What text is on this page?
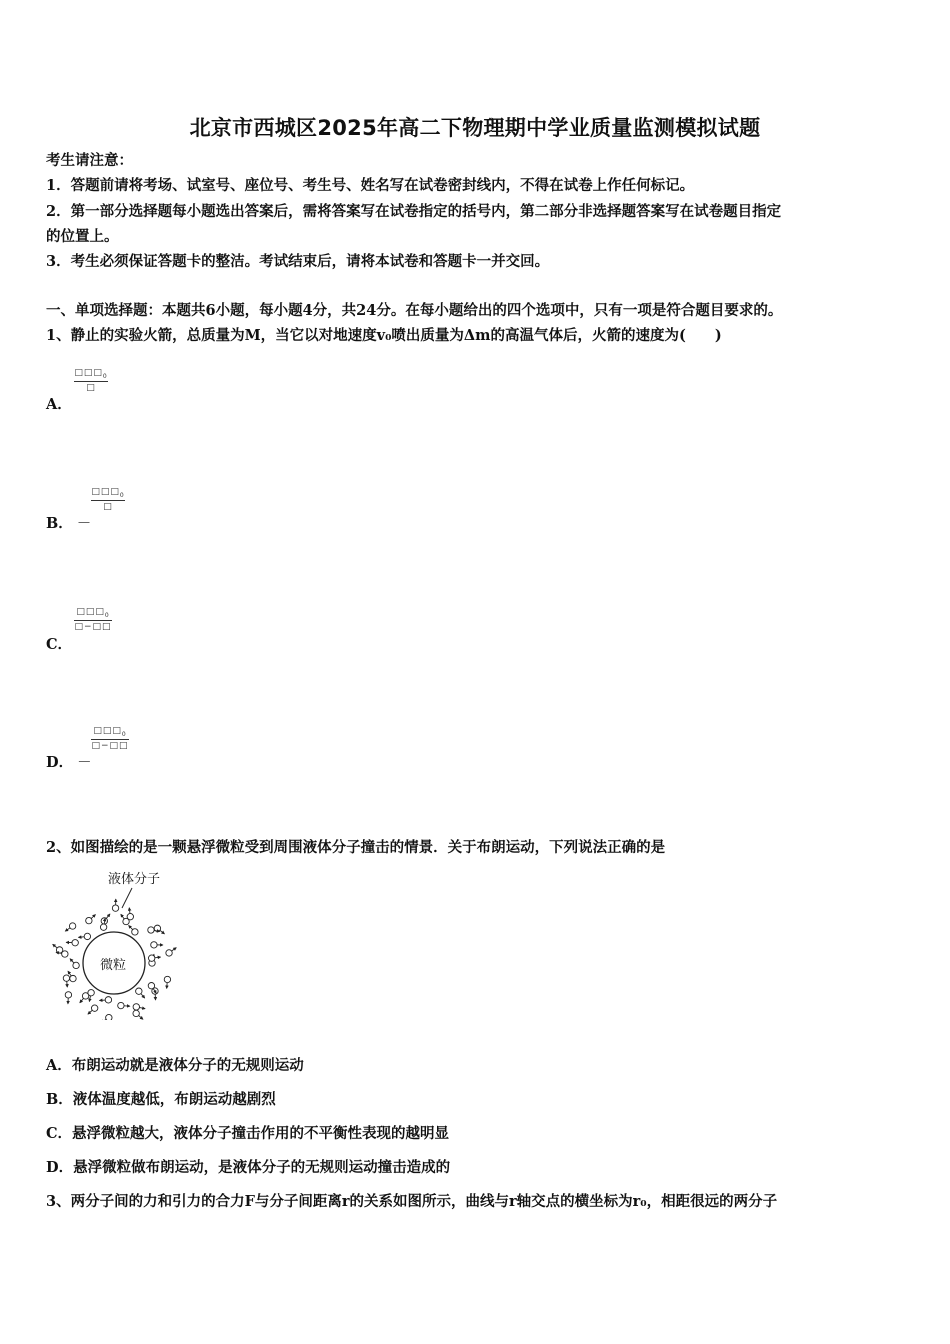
北京市西城区2025年高二下物理期中学业质量监测模拟试题
考生请注意：
1．答题前请将考场、试室号、座位号、考生号、姓名写在试卷密封线内，不得在试卷上作任何标记。
2．第一部分选择题每小题选出答案后，需将答案写在试卷指定的括号内，第二部分非选择题答案写在试卷题目指定
的位置上。
3．考生必须保证答题卡的整洁。考试结束后，请将本试卷和答题卡一并交回。
一、单项选择题：本题共6小题，每小题4分，共24分。在每小题给出的四个选项中，只有一项是符合题目要求的。
1、静止的实验火箭，总质量为M，当它以对地速度v₀喷出质量为Δm的高温气体后，火箭的速度为(　　)
A．
$□□□_0$
□
B． －
$□□□_0$
□
C．
$□□□_0$
□−□□
D． －
$□□□_0$
□−□□
2、如图描绘的是一颗悬浮微粒受到周围液体分子撞击的情景．关于布朗运动，下列说法正确的是
液体分子
微粒
A．布朗运动就是液体分子的无规则运动
B．液体温度越低，布朗运动越剧烈
C．悬浮微粒越大，液体分子撞击作用的不平衡性表现的越明显
D．悬浮微粒做布朗运动，是液体分子的无规则运动撞击造成的
3、两分子间的力和引力的合力F与分子间距离r的关系如图所示，曲线与r轴交点的横坐标为r₀，相距很远的两分子
